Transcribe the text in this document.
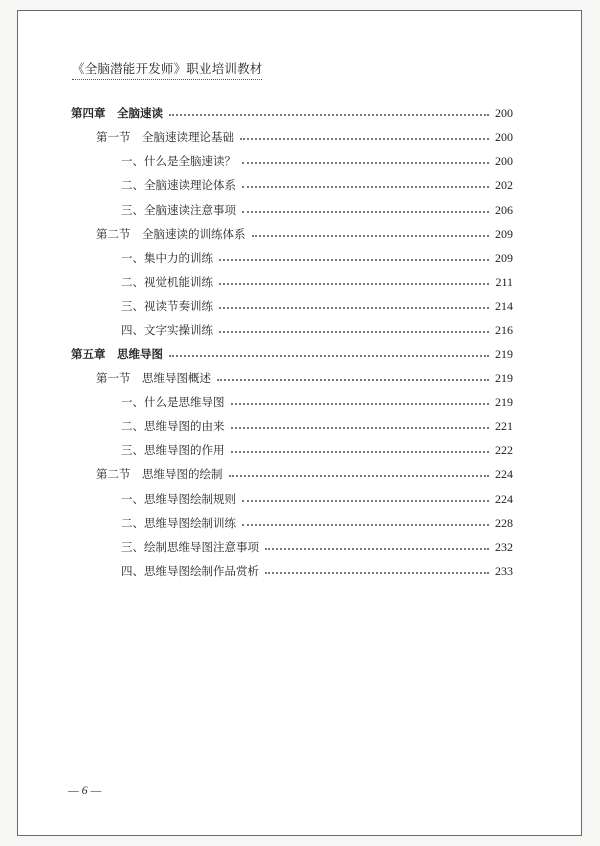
《全脑潜能开发师》职业培训教材
第四章　全脑速读	200
第一节　全脑速读理论基础	200
一、什么是全脑速读？	200
二、全脑速读理论体系	202
三、全脑速读注意事项	206
第二节　全脑速读的训练体系	209
一、集中力的训练	209
二、视觉机能训练	211
三、视读节奏训练	214
四、文字实操训练	216
第五章　思维导图	219
第一节　思维导图概述	219
一、什么是思维导图	219
二、思维导图的由来	221
三、思维导图的作用	222
第二节　思维导图的绘制	224
一、思维导图绘制规则	224
二、思维导图绘制训练	228
三、绘制思维导图注意事项	232
四、思维导图绘制作品赏析	233
— 6 —
